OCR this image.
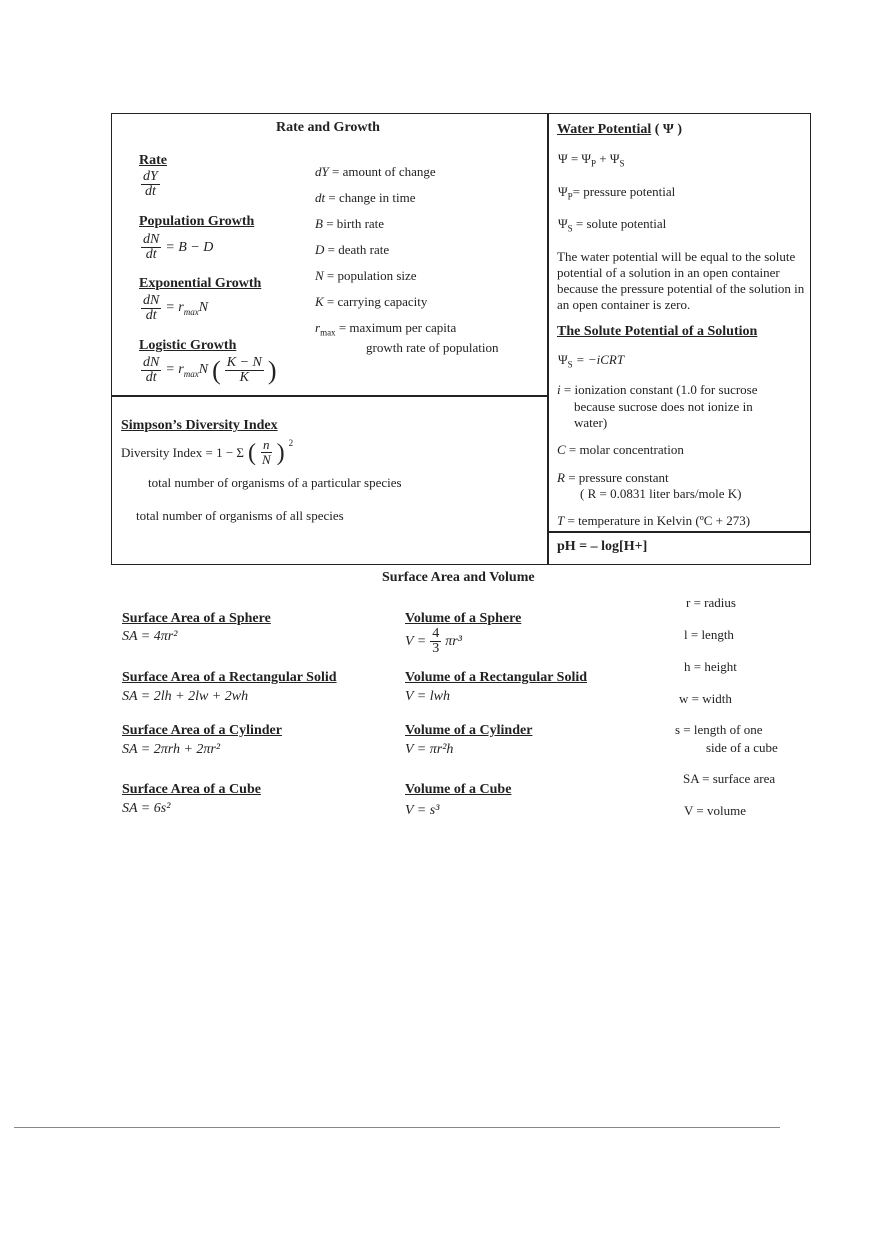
Rate and Growth
Rate
$\frac{dY}{dt}$
Population Growth
$\frac{dN}{dt} = B - D$
Exponential Growth
$\frac{dN}{dt} = r_{max}N$
Logistic Growth
$\frac{dN}{dt} = r_{max}N$ ( $\frac{K - N}{K}$ )
dY = amount of change
dt = change in time
B = birth rate
D = death rate
N = population size
K = carrying capacity
$r_{max}$ = maximum per capita
growth rate of population
Simpson’s Diversity Index
Diversity Index = 1 − Σ ( $\frac{n}{N}$ ) $^2$
total number of organisms of a particular species
total number of organisms of all species
Water Potential ( Ψ )
$\Psi = \Psi_P + \Psi_S$
$\Psi_P=$ pressure potential
$\Psi_S$ = solute potential
The water potential will be equal to the solute potential of a solution in an open container because the pressure potential of the solution in an open container is zero.
The Solute Potential of a Solution
$\Psi_S$ = −iCRT
i = ionization constant (1.0 for sucrose
because sucrose does not ionize in
water)
C = molar concentration
R = pressure constant
( R = 0.0831 liter bars/mole K)
T = temperature in Kelvin (ºC + 273)
pH = – log[H+]
Surface Area and Volume
Surface Area of a Sphere
SA = 4πr²
Surface Area of a Rectangular Solid
SA = 2lh + 2lw + 2wh
Surface Area of a Cylinder
SA = 2πrh + 2πr²
Surface Area of a Cube
SA = 6s²
Volume of a Sphere
$V = \frac{4}{3} \pi r^3$
Volume of a Rectangular Solid
V = lwh
Volume of a Cylinder
V = πr²h
Volume of a Cube
V = s³
r = radius
l = length
h = height
w = width
s = length of one
side of a cube
SA = surface area
V = volume
